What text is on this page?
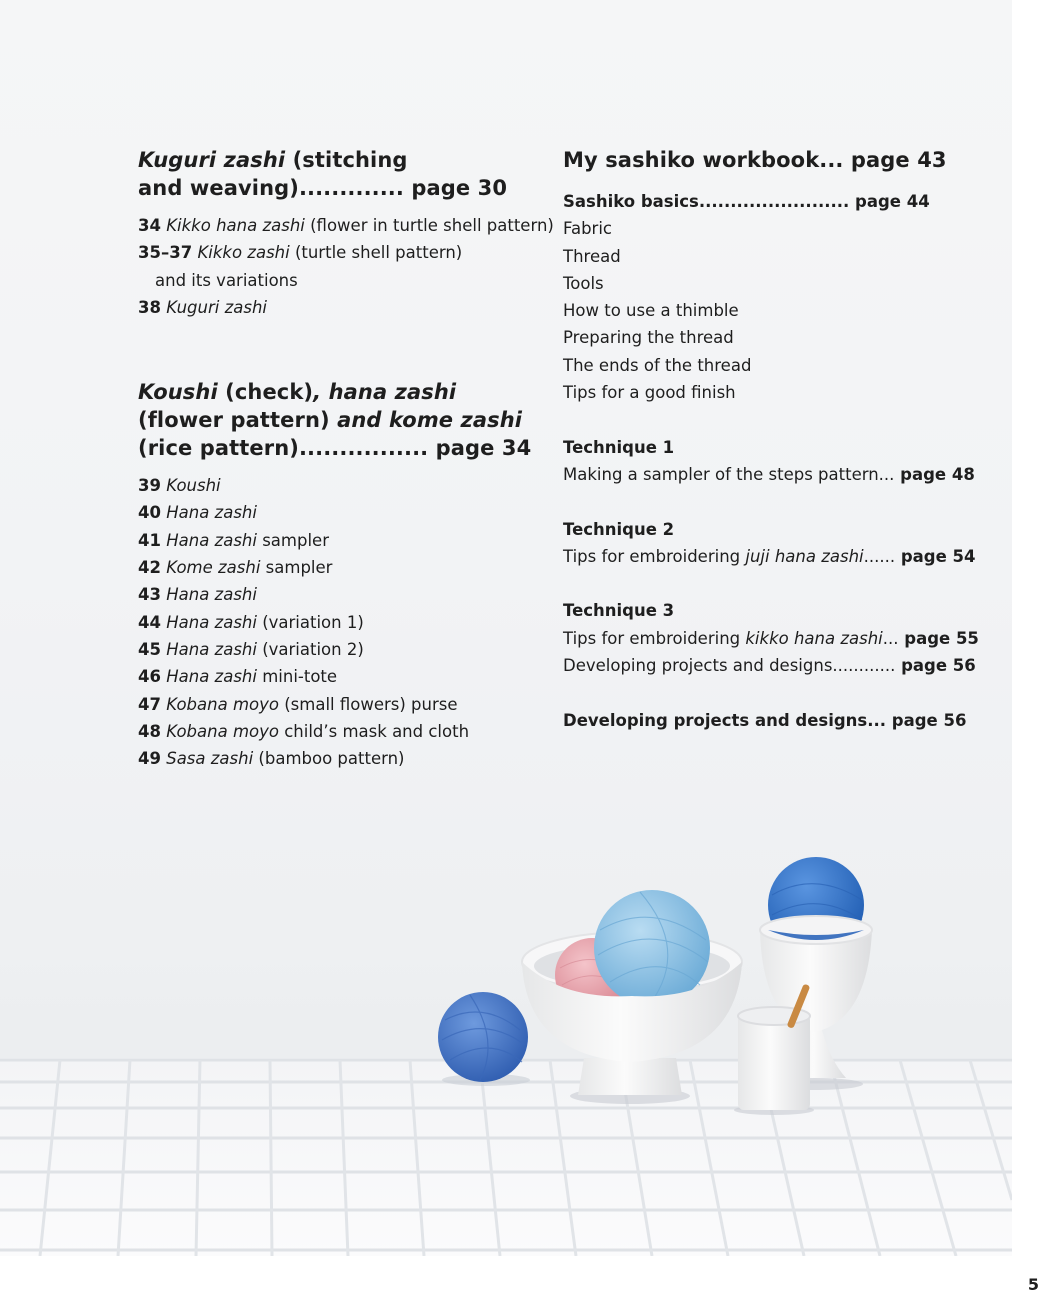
Kuguri zashi (stitching
and weaving)............. page 30
34 Kikko hana zashi (flower in turtle shell pattern)
35–37 Kikko zashi (turtle shell pattern)
and its variations
38 Kuguri zashi
Koushi (check), hana zashi
(flower pattern) and kome zashi
(rice pattern)................ page 34
39 Koushi
40 Hana zashi
41 Hana zashi sampler
42 Kome zashi sampler
43 Hana zashi
44 Hana zashi (variation 1)
45 Hana zashi (variation 2)
46 Hana zashi mini-tote
47 Kobana moyo (small flowers) purse
48 Kobana moyo child’s mask and cloth
49 Sasa zashi (bamboo pattern)
My sashiko workbook... page 43
Sashiko basics........................ page 44
Fabric
Thread
Tools
How to use a thimble
Preparing the thread
The ends of the thread
Tips for a good finish
Technique 1
Making a sampler of the steps pattern... page 48
Technique 2
Tips for embroidering juji hana zashi...... page 54
Technique 3
Tips for embroidering kikko hana zashi... page 55
Developing projects and designs............ page 56
Developing projects and designs... page 56
5
